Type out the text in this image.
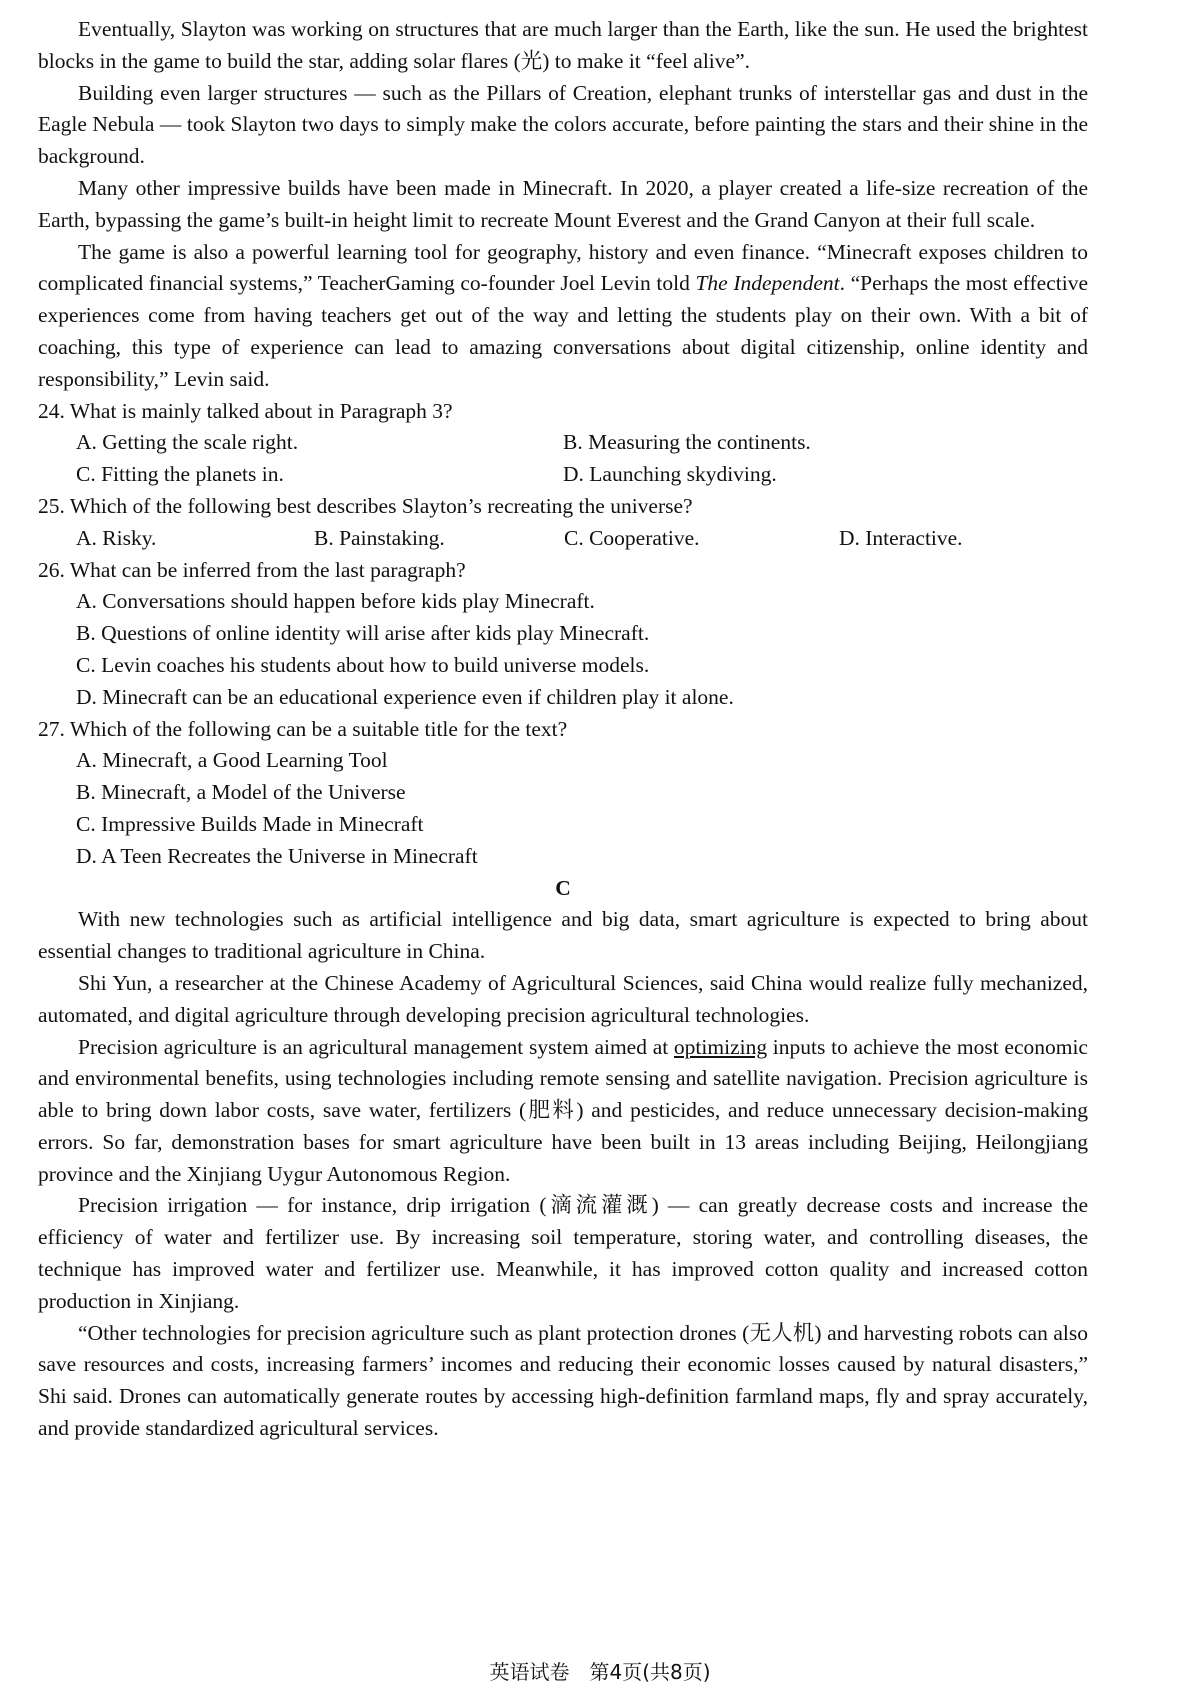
Eventually, Slayton was working on structures that are much larger than the Earth, like the sun. He used the brightest blocks in the game to build the star, adding solar flares (光) to make it “feel alive”.

Building even larger structures — such as the Pillars of Creation, elephant trunks of interstellar gas and dust in the Eagle Nebula — took Slayton two days to simply make the colors accurate, before painting the stars and their shine in the background.

Many other impressive builds have been made in Minecraft. In 2020, a player created a life-size recreation of the Earth, bypassing the game’s built-in height limit to recreate Mount Everest and the Grand Canyon at their full scale.

The game is also a powerful learning tool for geography, history and even finance. “Minecraft exposes children to complicated financial systems,” TeacherGaming co-founder Joel Levin told The Independent. “Perhaps the most effective experiences come from having teachers get out of the way and letting the students play on their own. With a bit of coaching, this type of experience can lead to amazing conversations about digital citizenship, online identity and responsibility,” Levin said.

24. What is mainly talked about in Paragraph 3?

A. Getting the scale right.	B. Measuring the continents.
C. Fitting the planets in.	D. Launching skydiving.

25. Which of the following best describes Slayton’s recreating the universe?

A. Risky.	B. Painstaking.	C. Cooperative.	D. Interactive.

26. What can be inferred from the last paragraph?

A. Conversations should happen before kids play Minecraft.

B. Questions of online identity will arise after kids play Minecraft.

C. Levin coaches his students about how to build universe models.

D. Minecraft can be an educational experience even if children play it alone.

27. Which of the following can be a suitable title for the text?

A. Minecraft, a Good Learning Tool

B. Minecraft, a Model of the Universe

C. Impressive Builds Made in Minecraft

D. A Teen Recreates the Universe in Minecraft

C

With new technologies such as artificial intelligence and big data, smart agriculture is expected to bring about essential changes to traditional agriculture in China.

Shi Yun, a researcher at the Chinese Academy of Agricultural Sciences, said China would realize fully mechanized, automated, and digital agriculture through developing precision agricultural technologies.

Precision agriculture is an agricultural management system aimed at optimizing inputs to achieve the most economic and environmental benefits, using technologies including remote sensing and satellite navigation. Precision agriculture is able to bring down labor costs, save water, fertilizers (肥料) and pesticides, and reduce unnecessary decision-making errors. So far, demonstration bases for smart agriculture have been built in 13 areas including Beijing, Heilongjiang province and the Xinjiang Uygur Autonomous Region.

Precision irrigation — for instance, drip irrigation (滴流灌溉) — can greatly decrease costs and increase the efficiency of water and fertilizer use. By increasing soil temperature, storing water, and controlling diseases, the technique has improved water and fertilizer use. Meanwhile, it has improved cotton quality and increased cotton production in Xinjiang.

“Other technologies for precision agriculture such as plant protection drones (无人机) and harvesting robots can also save resources and costs, increasing farmers’ incomes and reducing their economic losses caused by natural disasters,” Shi said. Drones can automatically generate routes by accessing high-definition farmland maps, fly and spray accurately, and provide standardized agricultural services.

英语试卷　第4页(共8页)
